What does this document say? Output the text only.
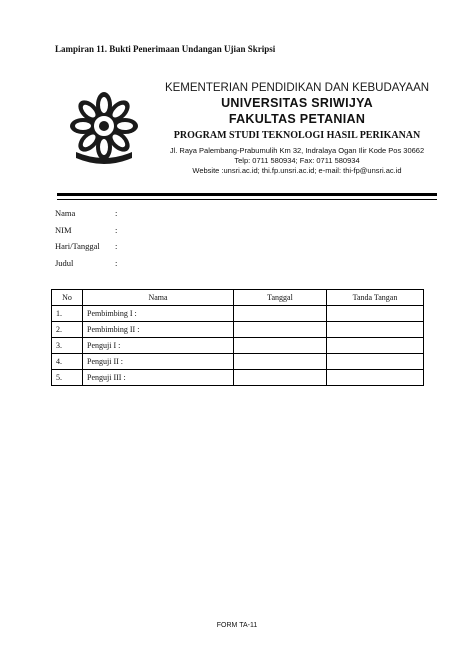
Lampiran 11. Bukti Penerimaan Undangan Ujian Skripsi
KEMENTERIAN PENDIDIKAN DAN KEBUDAYAAN
UNIVERSITAS SRIWIJYA
FAKULTAS PETANIAN
PROGRAM STUDI TEKNOLOGI HASIL PERIKANAN
Jl. Raya Palembang-Prabumulih Km 32, Indralaya Ogan Ilir Kode Pos 30662
Telp: 0711 580934; Fax: 0711 580934
Website :unsri.ac.id; thi.fp.unsri.ac.id; e-mail: thi-fp@unsri.ac.id
Nama	:
NIM	:
Hari/Tanggal :
Judul	:
No	Nama	Tanggal	Tanda Tangan
1.	Pembimbing I :		
2.	Pembimbing II :		
3.	Penguji I :		
4.	Penguji II :		
5.	Penguji III :		
FORM TA-11
